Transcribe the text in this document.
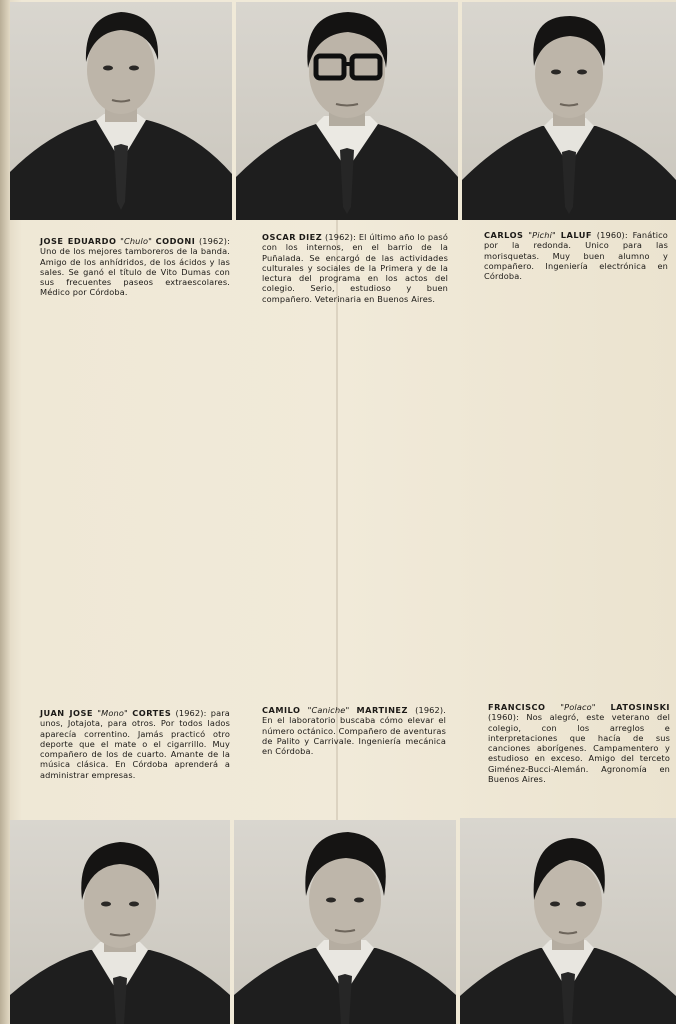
JOSE EDUARDO "Chulo" CODONI (1962): Uno de los mejores tamboreros de la banda. Amigo de los anhídridos, de los ácidos y las sales. Se ganó el título de Vito Dumas con sus frecuentes paseos extraescolares. Médico por Córdoba.
OSCAR DIEZ (1962): El último año lo pasó con los internos, en el barrio de la Puñalada. Se encargó de las actividades culturales y sociales de la Primera y de la lectura del programa en los actos del colegio. Serio, estudioso y buen compañero. Veterinaria en Buenos Aires.
CARLOS "Pichi" LALUF (1960): Fanático por la redonda. Unico para las morisquetas. Muy buen alumno y compañero. Ingeniería electrónica en Córdoba.
JUAN JOSE "Mono" CORTES (1962): para unos, Jotajota, para otros. Por todos lados aparecía correntino. Jamás practicó otro deporte que el mate o el cigarrillo. Muy compañero de los de cuarto. Amante de la música clásica. En Córdoba aprenderá a administrar empresas.
CAMILO "Caniche" MARTINEZ (1962). En el laboratorio buscaba cómo elevar el número octánico. Compañero de aventuras de Palito y Carrivale. Ingeniería mecánica en Córdoba.
FRANCISCO "Polaco" LATOSINSKI (1960): Nos alegró, este veterano del colegio, con los arreglos e interpretaciones que hacía de sus canciones aborígenes. Campamentero y estudioso en exceso. Amigo del terceto Giménez-Bucci-Alemán. Agronomía en Buenos Aires.
